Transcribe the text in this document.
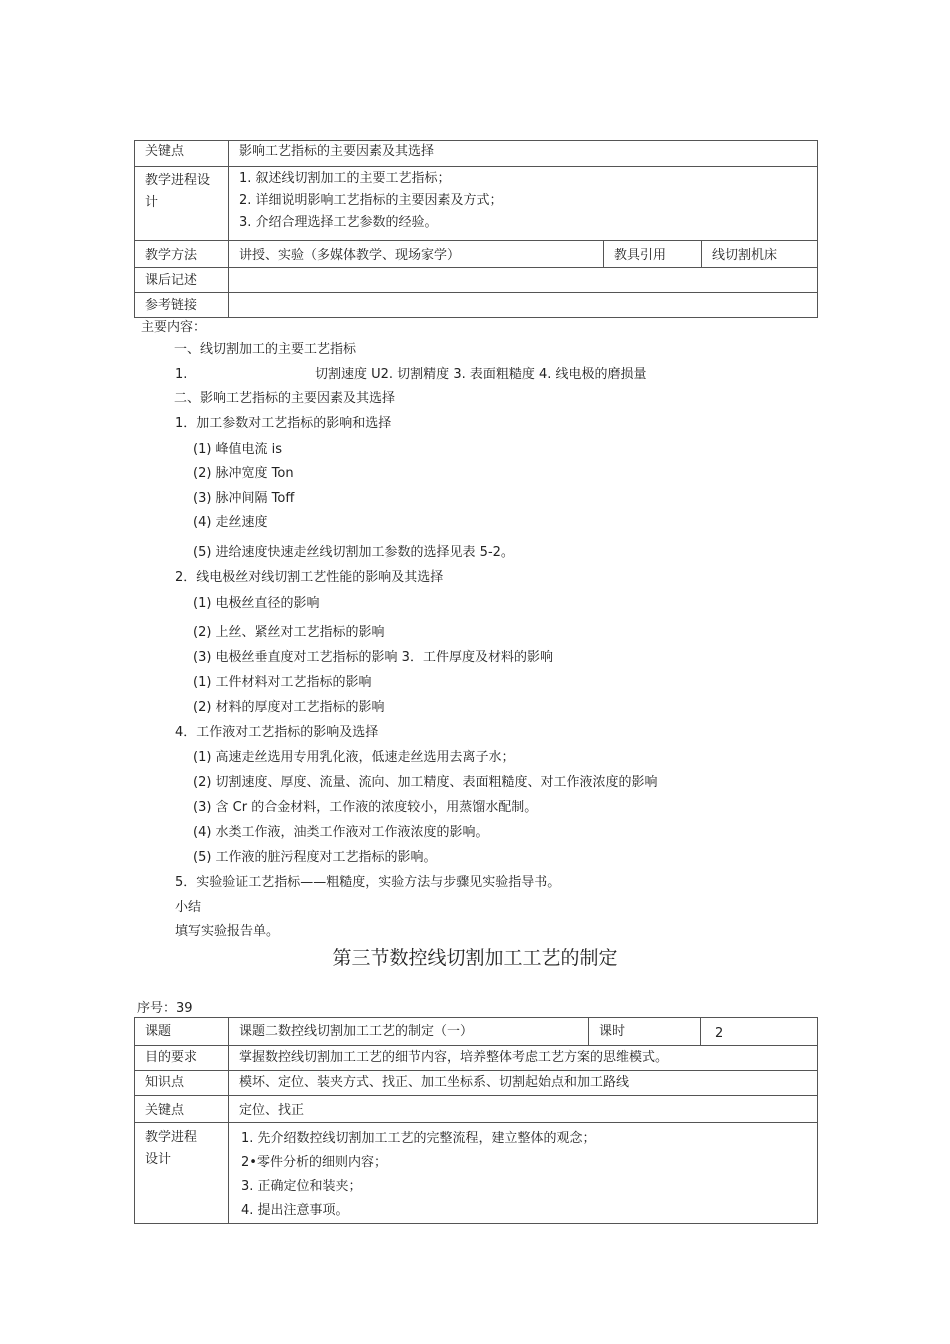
关键点	影响工艺指标的主要因素及其选择		

教学进程设
计	1. 叙述线切割加工的主要工艺指标；
2. 详细说明影响工艺指标的主要因素及方式；
3. 介绍合理选择工艺参数的经验。		

教学方法	讲授、实验（多媒体教学、现场家学）	教具引用	线切割机床
课后记述			
参考链接			
主要内容：
一、线切割加工的主要工艺指标
1.	切割速度 U2. 切割精度 3. 表面粗糙度 4. 线电极的磨损量
二、影响工艺指标的主要因素及其选择
1．加工参数对工艺指标的影响和选择
(1) 峰值电流 is
(2) 脉冲宽度 Ton
(3) 脉冲间隔 Toff
(4) 走丝速度
(5) 进给速度快速走丝线切割加工参数的选择见表 5-2。
2．线电极丝对线切割工艺性能的影响及其选择
(1) 电极丝直径的影响
(2) 上丝、紧丝对工艺指标的影响
(3) 电极丝垂直度对工艺指标的影响 3．工件厚度及材料的影响
(1) 工件材料对工艺指标的影响
(2) 材料的厚度对工艺指标的影响
4．工作液对工艺指标的影响及选择
(1) 高速走丝选用专用乳化液，低速走丝选用去离子水；
(2) 切割速度、厚度、流量、流向、加工精度、表面粗糙度、对工作液浓度的影响
(3) 含 Cr 的合金材料，工作液的浓度较小，用蒸馏水配制。
(4) 水类工作液，油类工作液对工作液浓度的影响。
(5) 工作液的脏污程度对工艺指标的影响。
5．实验验证工艺指标——粗糙度，实验方法与步骤见实验指导书。
小结
填写实验报告单。
第三节数控线切割加工工艺的制定
序号：39
课题	课题二数控线切割加工工艺的制定（一）	课时	2
目的要求	掌握数控线切割加工工艺的细节内容，培养整体考虑工艺方案的思维模式。		
知识点	模坏、定位、装夹方式、找正、加工坐标系、切割起始点和加工路线		
关键点	定位、找正		

教学进程
设计	1. 先介绍数控线切割加工工艺的完整流程，建立整体的观念；
2•零件分析的细则内容；
3. 正确定位和装夹；
4. 提出注意事项。		
